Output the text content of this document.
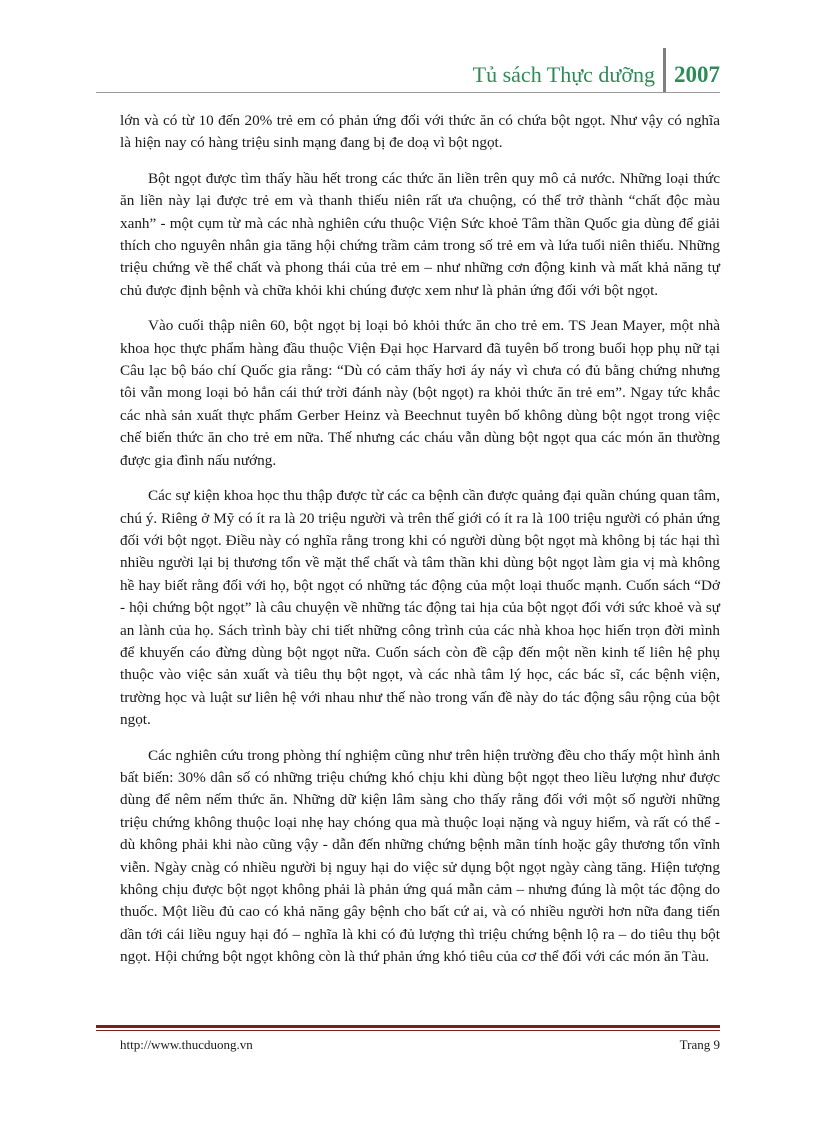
Tủ sách Thực dưỡng 2007

lớn và có từ 10 đến 20% trẻ em có phản ứng đối với thức ăn có chứa bột ngọt. Như vậy có nghĩa là hiện nay có hàng triệu sinh mạng đang bị đe doạ vì bột ngọt.

Bột ngọt được tìm thấy hầu hết trong các thức ăn liền trên quy mô cả nước. Những loại thức ăn liền này lại được trẻ em và thanh thiếu niên rất ưa chuộng, có thể trở thành “chất độc màu xanh” - một cụm từ mà các nhà nghiên cứu thuộc Viện Sức khoẻ Tâm thần Quốc gia dùng để giải thích cho nguyên nhân gia tăng hội chứng trầm cảm trong số trẻ em và lứa tuổi niên thiếu. Những triệu chứng về thể chất và phong thái của trẻ em – như những cơn động kinh và mất khả năng tự chủ được định bệnh và chữa khỏi khi chúng được xem như là phản ứng đối với bột ngọt.

Vào cuối thập niên 60, bột ngọt bị loại bỏ khỏi thức ăn cho trẻ em. TS Jean Mayer, một nhà khoa học thực phẩm hàng đầu thuộc Viện Đại học Harvard đã tuyên bố trong buổi họp phụ nữ tại Câu lạc bộ báo chí Quốc gia rằng: “Dù có cảm thấy hơi áy náy vì chưa có đủ bằng chứng nhưng tôi vẫn mong loại bỏ hẳn cái thứ trời đánh này (bột ngọt) ra khỏi thức ăn trẻ em”. Ngay tức khắc các nhà sản xuất thực phẩm Gerber Heinz và Beechnut tuyên bố không dùng bột ngọt trong việc chế biến thức ăn cho trẻ em nữa. Thế nhưng các cháu vẫn dùng bột ngọt qua các món ăn thường được gia đình nấu nướng.

Các sự kiện khoa học thu thập được từ các ca bệnh cần được quảng đại quần chúng quan tâm, chú ý. Riêng ở Mỹ có ít ra là 20 triệu người và trên thế giới có ít ra là 100 triệu người có phản ứng đối với bột ngọt. Điều này có nghĩa rằng trong khi có người dùng bột ngọt mà không bị tác hại thì nhiều người lại bị thương tổn về mặt thể chất và tâm thần khi dùng bột ngọt làm gia vị mà không hề hay biết rằng đối với họ, bột ngọt có những tác động của một loại thuốc mạnh. Cuốn sách “Dở - hội chứng bột ngọt” là câu chuyện về những tác động tai hịa của bột ngọt đối với sức khoẻ và sự an lành của họ. Sách trình bày chi tiết những công trình của các nhà khoa học hiến trọn đời mình để khuyến cáo đừng dùng bột ngọt nữa. Cuốn sách còn đề cập đến một nền kinh tế liên hệ phụ thuộc vào việc sản xuất và tiêu thụ bột ngọt, và các nhà tâm lý học, các bác sĩ, các bệnh viện, trường học và luật sư liên hệ với nhau như thế nào trong vấn đề này do tác động sâu rộng của bột ngọt.

Các nghiên cứu trong phòng thí nghiệm cũng như trên hiện trường đều cho thấy một hình ảnh bất biến: 30% dân số có những triệu chứng khó chịu khi dùng bột ngọt theo liều lượng như được dùng để nêm nếm thức ăn. Những dữ kiện lâm sàng cho thấy rằng đối với một số người những triệu chứng không thuộc loại nhẹ hay chóng qua mà thuộc loại nặng và nguy hiểm, và rất có thể - dù không phải khi nào cũng vậy - dẫn đến những chứng bệnh mãn tính hoặc gây thương tổn vĩnh viễn. Ngày cnàg có nhiều người bị nguy hại do việc sử dụng bột ngọt ngày càng tăng. Hiện tượng không chịu được bột ngọt không phải là phản ứng quá mẫn cảm – nhưng đúng là một tác động do thuốc. Một liều đủ cao có khả năng gây bệnh cho bất cứ ai, và có nhiều người hơn nữa đang tiến dần tới cái liều nguy hại đó – nghĩa là khi có đủ lượng thì triệu chứng bệnh lộ ra – do tiêu thụ bột ngọt. Hội chứng bột ngọt không còn là thứ phản ứng khó tiêu của cơ thể đối với các món ăn Tàu.

http://www.thucduong.vn	Trang 9
